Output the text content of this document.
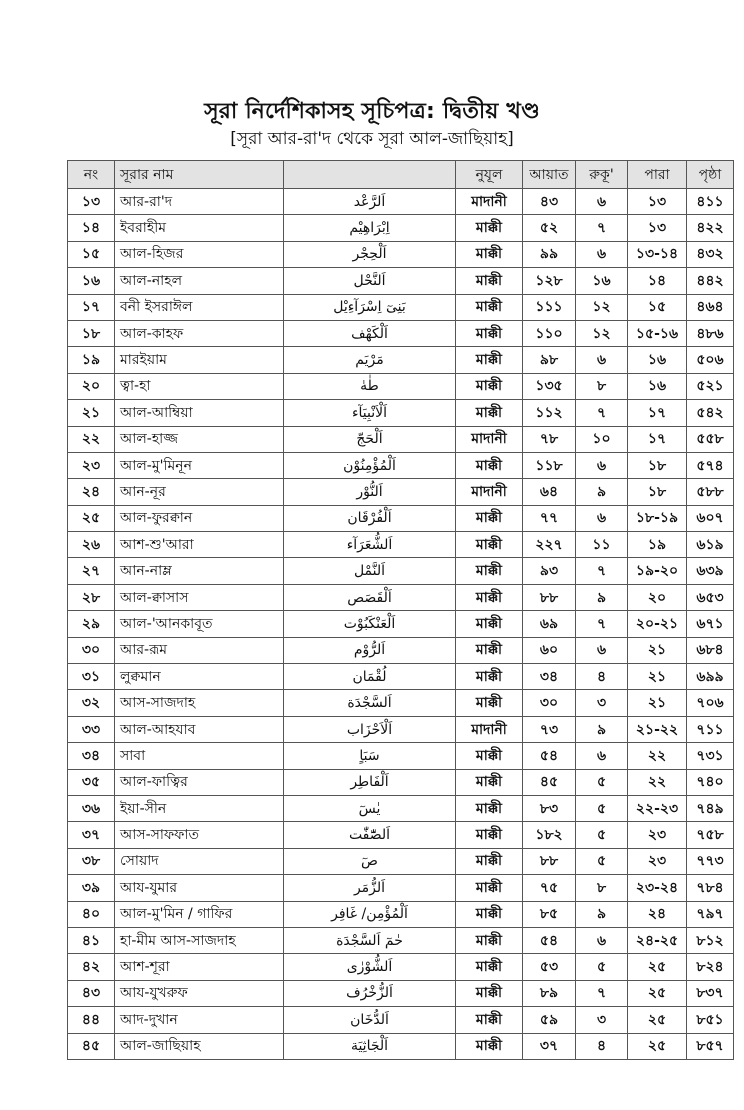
সূরা নির্দেশিকাসহ সূচিপত্র: দ্বিতীয় খণ্ড
[সূরা আর-রা'দ থেকে সূরা আল-জাছিয়াহ]
নং	সূরার নাম		নুযূল	আয়াত	রুকূ'	পারা	পৃষ্ঠা
১৩	আর-রা'দ	اَلرَّعْد	মাদানী	৪৩	৬	১৩	৪১১
১৪	ইবরাহীম	اِبْرَاهِيْم	মাক্কী	৫২	৭	১৩	৪২২
১৫	আল-হিজর	اَلْحِجْر	মাক্কী	৯৯	৬	১৩-১৪	৪৩২
১৬	আল-নাহল	اَلنَّحْل	মাক্কী	১২৮	১৬	১৪	৪৪২
১৭	বনী ইসরাঈল	بَنِىٓ اِسْرَآءِيْل	মাক্কী	১১১	১২	১৫	৪৬৪
১৮	আল-কাহফ	اَلْكَهْف	মাক্কী	১১০	১২	১৫-১৬	৪৮৬
১৯	মারইয়াম	مَرْيَم	মাক্কী	৯৮	৬	১৬	৫০৬
২০	ত্বা-হা	طٰهٰ	মাক্কী	১৩৫	৮	১৬	৫২১
২১	আল-আম্বিয়া	اَلْاَنْبِيَآء	মাক্কী	১১২	৭	১৭	৫৪২
২২	আল-হাজ্জ	اَلْحَجّ	মাদানী	৭৮	১০	১৭	৫৫৮
২৩	আল-মু'মিনূন	اَلْمُؤْمِنُوْن	মাক্কী	১১৮	৬	১৮	৫৭৪
২৪	আন-নূর	اَلنُّوْر	মাদানী	৬৪	৯	১৮	৫৮৮
২৫	আল-ফুরক্বান	اَلْفُرْقَان	মাক্কী	৭৭	৬	১৮-১৯	৬০৭
২৬	আশ-শু'আরা	اَلشُّعَرَآء	মাক্কী	২২৭	১১	১৯	৬১৯
২৭	আন-নাম্ল	اَلنَّمْل	মাক্কী	৯৩	৭	১৯-২০	৬৩৯
২৮	আল-ক্বাসাস	اَلْقَصَص	মাক্কী	৮৮	৯	২০	৬৫৩
২৯	আল-'আনকাবূত	اَلْعَنْكَبُوْت	মাক্কী	৬৯	৭	২০-২১	৬৭১
৩০	আর-রূম	اَلرُّوْم	মাক্কী	৬০	৬	২১	৬৮৪
৩১	লুক্বমান	لُقْمَان	মাক্কী	৩৪	৪	২১	৬৯৯
৩২	আস-সাজদাহ	اَلسَّجْدَة	মাক্কী	৩০	৩	২১	৭০৬
৩৩	আল-আহযাব	اَلْاَحْزَاب	মাদানী	৭৩	৯	২১-২২	৭১১
৩৪	সাবা	سَبَاٍ	মাক্কী	৫৪	৬	২২	৭৩১
৩৫	আল-ফাত্বির	اَلْفَاطِر	মাক্কী	৪৫	৫	২২	৭৪০
৩৬	ইয়া-সীন	يٰسٓ	মাক্কী	৮৩	৫	২২-২৩	৭৪৯
৩৭	আস-সাফফাত	اَلصّٰٓفّٰت	মাক্কী	১৮২	৫	২৩	৭৫৮
৩৮	সোয়াদ	صٓ	মাক্কী	৮৮	৫	২৩	৭৭৩
৩৯	আয-যুমার	اَلزُّمَر	মাক্কী	৭৫	৮	২৩-২৪	৭৮৪
৪০	আল-মু'মিন / গাফির	اَلْمُؤْمِن/ غَافِر	মাক্কী	৮৫	৯	২৪	৭৯৭
৪১	হা-মীম আস-সাজদাহ	حٰمٓ اَلسَّجْدَة	মাক্কী	৫৪	৬	২৪-২৫	৮১২
৪২	আশ-শূরা	اَلشُّوْرٰى	মাক্কী	৫৩	৫	২৫	৮২৪
৪৩	আয-যুখরুফ	اَلزُّخْرُف	মাক্কী	৮৯	৭	২৫	৮৩৭
৪৪	আদ-দুখান	اَلدُّخَان	মাক্কী	৫৯	৩	২৫	৮৫১
৪৫	আল-জাছিয়াহ	اَلْجَاثِيَة	মাক্কী	৩৭	৪	২৫	৮৫৭
